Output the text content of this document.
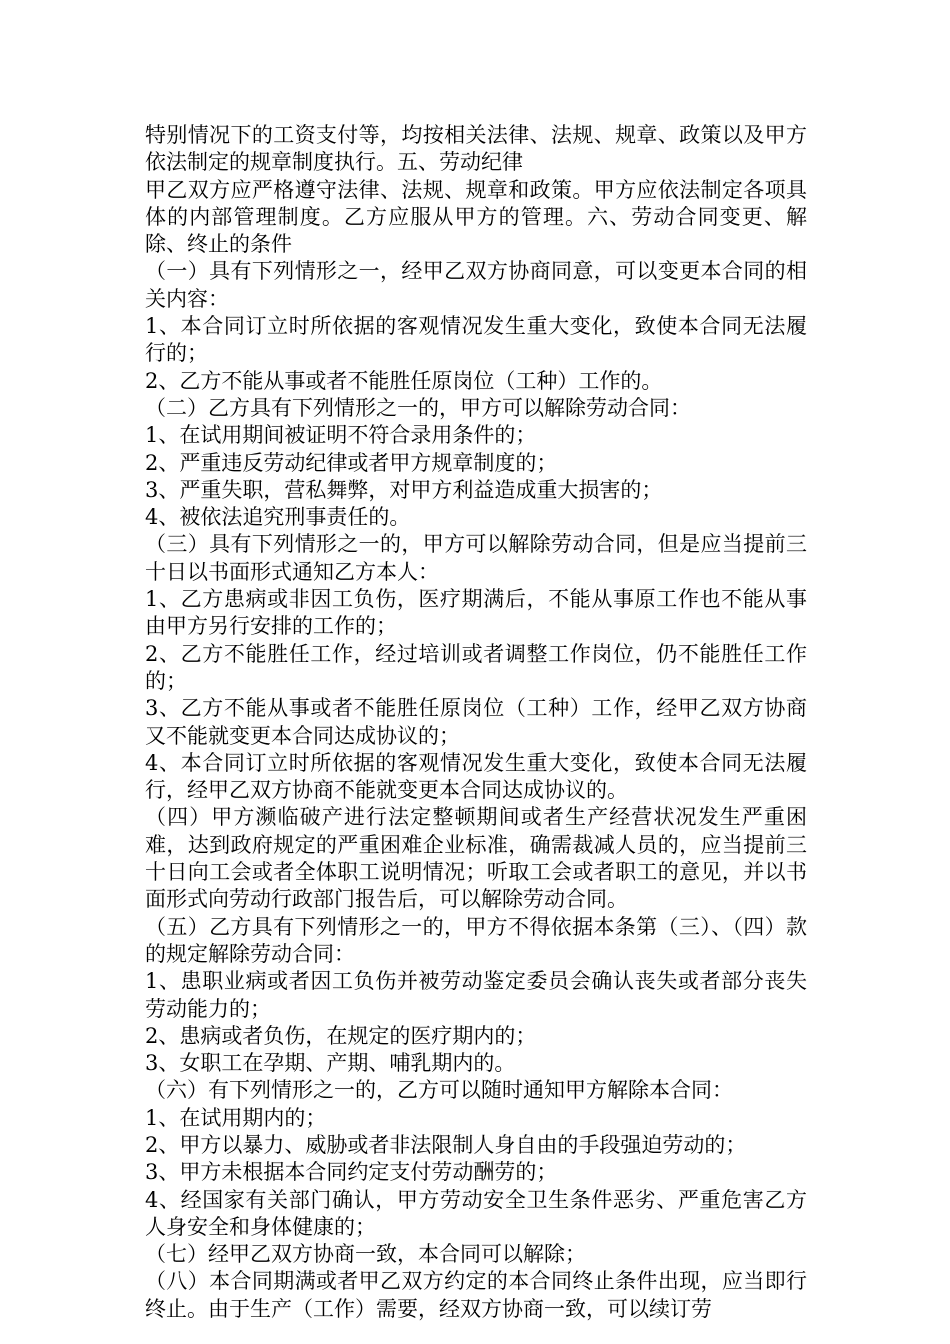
特别情况下的工资支付等，均按相关法律、法规、规章、政策以及甲方依法制定的规章制度执行。五、劳动纪律

甲乙双方应严格遵守法律、法规、规章和政策。甲方应依法制定各项具体的内部管理制度。乙方应服从甲方的管理。六、劳动合同变更、解除、终止的条件

（一）具有下列情形之一，经甲乙双方协商同意，可以变更本合同的相关内容：

1、本合同订立时所依据的客观情况发生重大变化，致使本合同无法履行的；

2、乙方不能从事或者不能胜任原岗位（工种）工作的。

（二）乙方具有下列情形之一的，甲方可以解除劳动合同：

1、在试用期间被证明不符合录用条件的；

2、严重违反劳动纪律或者甲方规章制度的；

3、严重失职，营私舞弊，对甲方利益造成重大损害的；

4、被依法追究刑事责任的。

（三）具有下列情形之一的，甲方可以解除劳动合同，但是应当提前三十日以书面形式通知乙方本人：

1、乙方患病或非因工负伤，医疗期满后，不能从事原工作也不能从事由甲方另行安排的工作的；

2、乙方不能胜任工作，经过培训或者调整工作岗位，仍不能胜任工作的；

3、乙方不能从事或者不能胜任原岗位（工种）工作，经甲乙双方协商又不能就变更本合同达成协议的；

4、本合同订立时所依据的客观情况发生重大变化，致使本合同无法履行，经甲乙双方协商不能就变更本合同达成协议的。

（四）甲方濒临破产进行法定整顿期间或者生产经营状况发生严重困难，达到政府规定的严重困难企业标准，确需裁减人员的，应当提前三十日向工会或者全体职工说明情况；听取工会或者职工的意见，并以书面形式向劳动行政部门报告后，可以解除劳动合同。

（五）乙方具有下列情形之一的，甲方不得依据本条第（三）、（四）款的规定解除劳动合同：

1、患职业病或者因工负伤并被劳动鉴定委员会确认丧失或者部分丧失劳动能力的；

2、患病或者负伤，在规定的医疗期内的；

3、女职工在孕期、产期、哺乳期内的。

（六）有下列情形之一的，乙方可以随时通知甲方解除本合同：

1、在试用期内的；

2、甲方以暴力、威胁或者非法限制人身自由的手段强迫劳动的；

3、甲方未根据本合同约定支付劳动酬劳的；

4、经国家有关部门确认，甲方劳动安全卫生条件恶劣、严重危害乙方人身安全和身体健康的；

（七）经甲乙双方协商一致，本合同可以解除；

（八）本合同期满或者甲乙双方约定的本合同终止条件出现，应当即行终止。由于生产（工作）需要，经双方协商一致，可以续订劳
